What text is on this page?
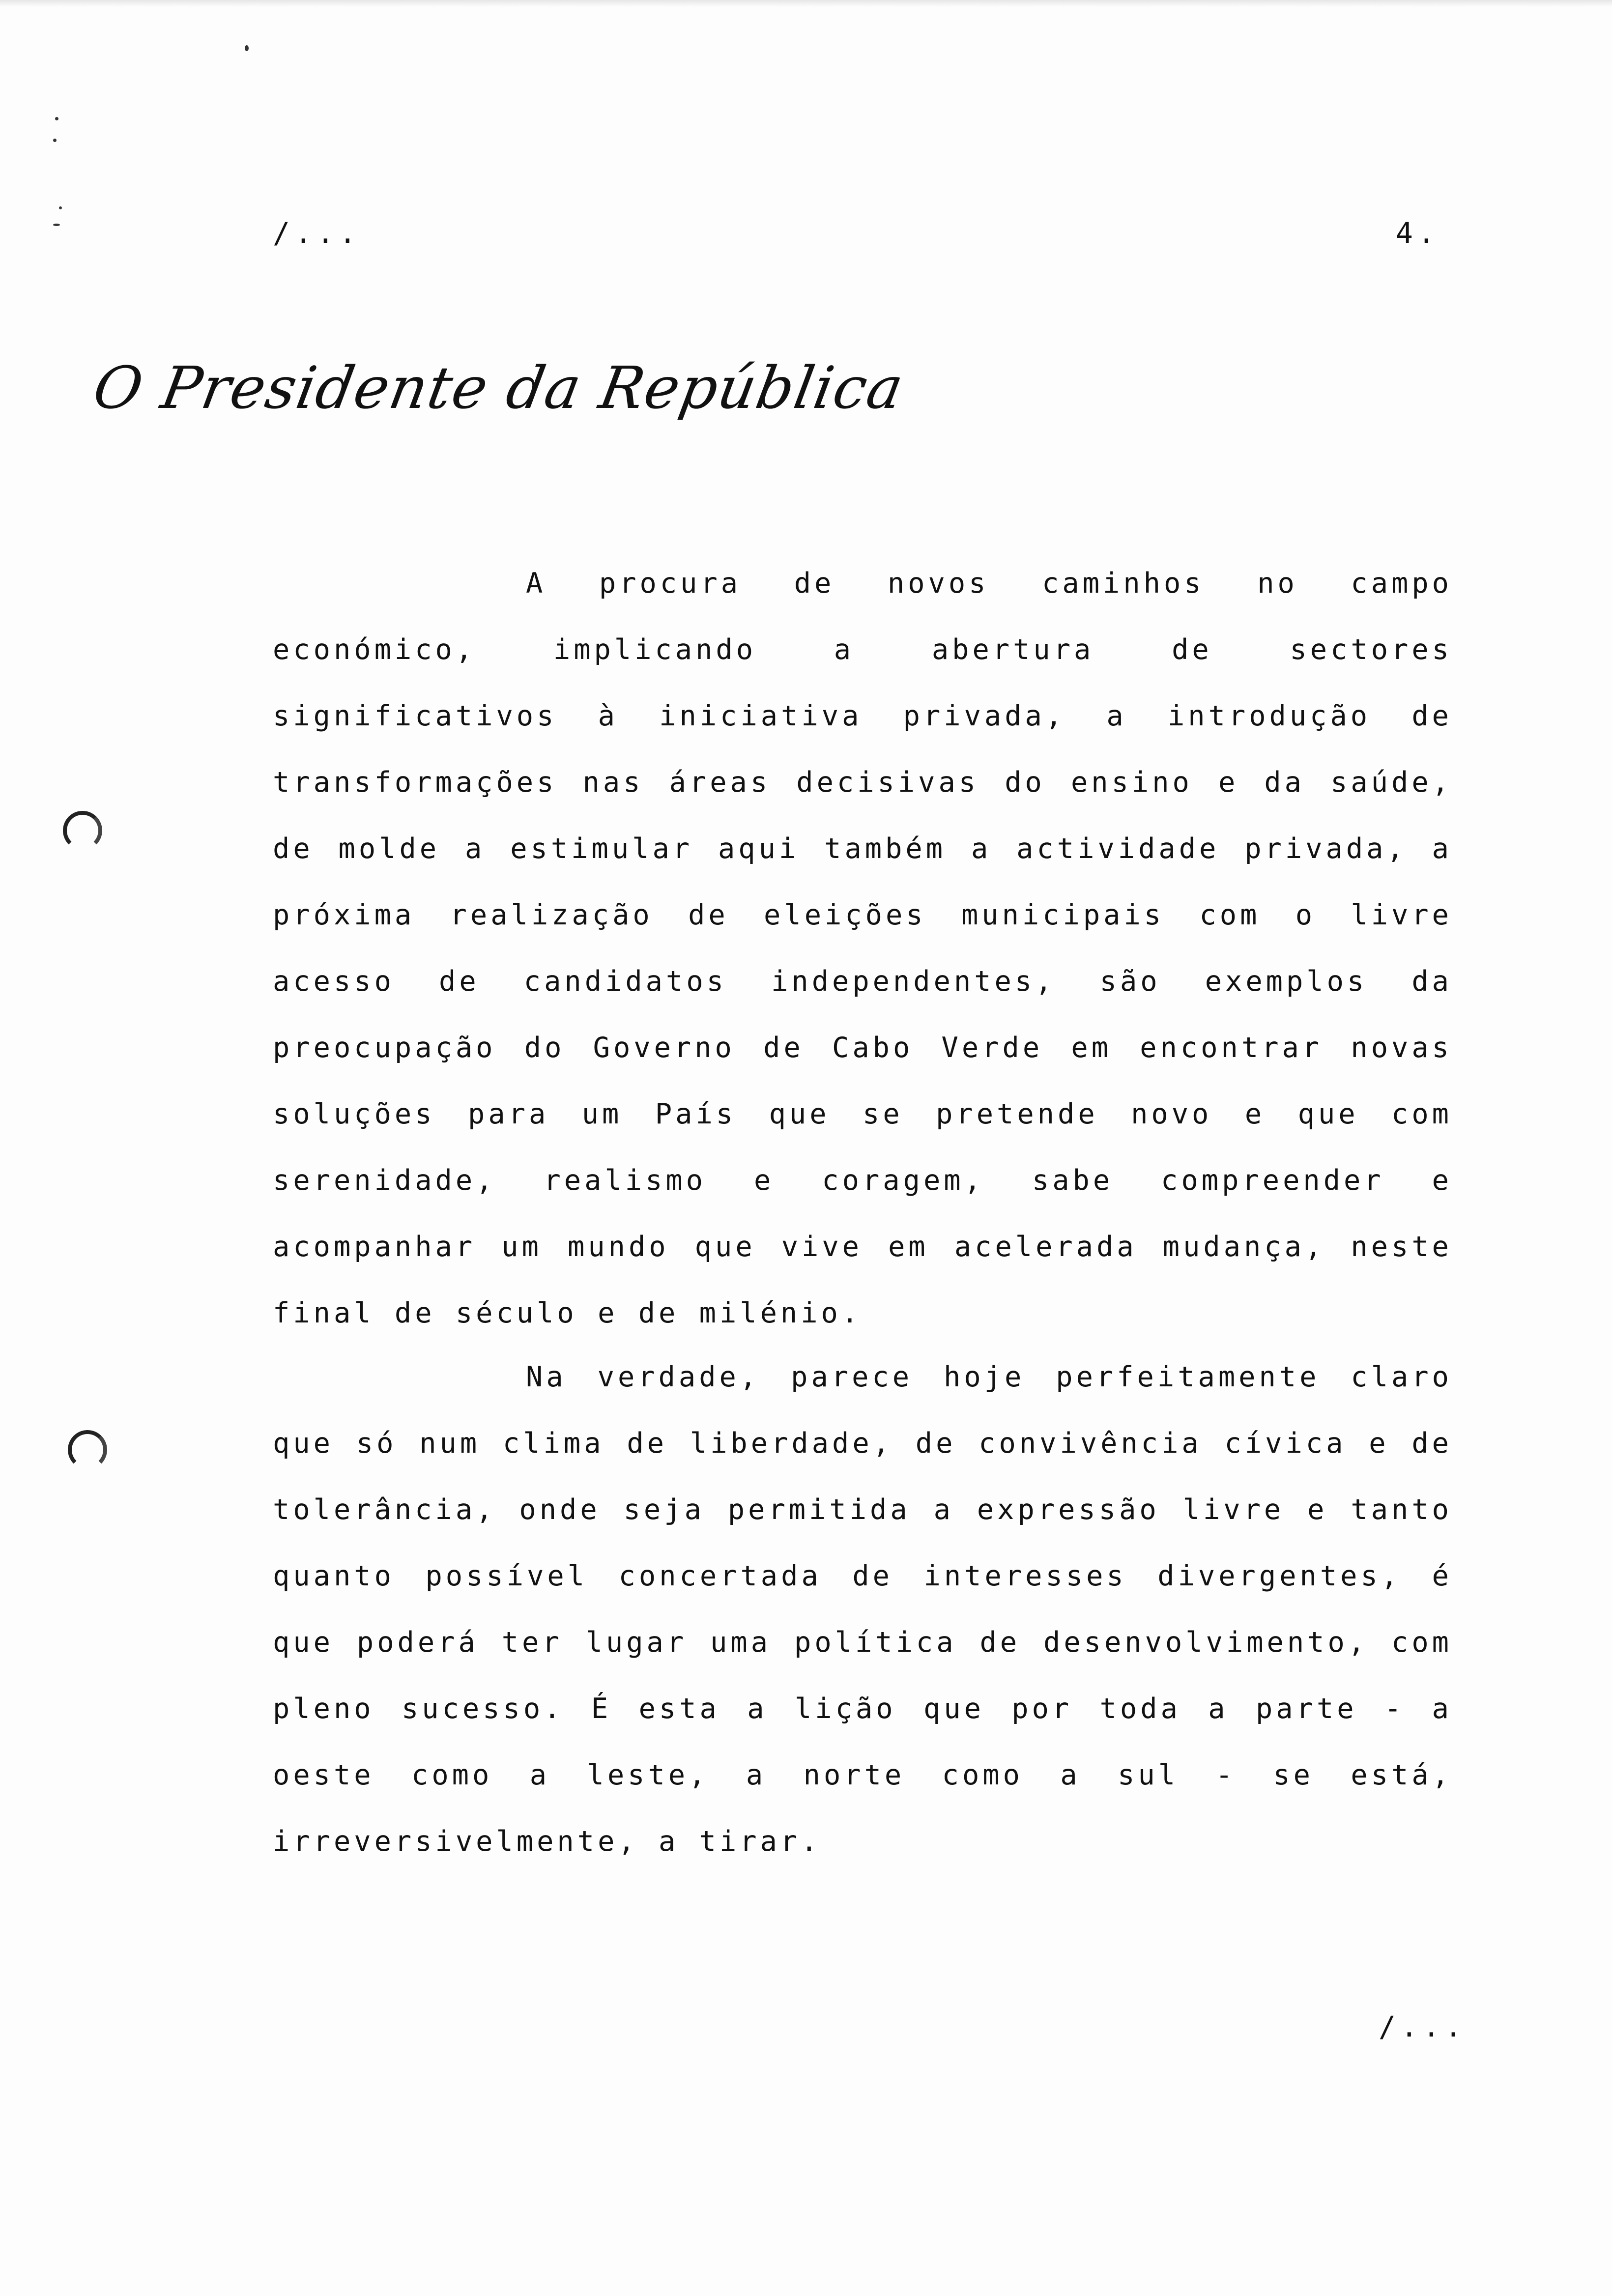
/...	4.
O Presidente da República

A procura de novos caminhos no campo económico, implicando a abertura de sectores significativos à iniciativa privada, a introdução de transformações nas áreas decisivas do ensino e da saúde, de molde a estimular aqui também a actividade privada, a próxima realização de eleições municipais com o livre acesso de candidatos independentes, são exemplos da preocupação do Governo de Cabo Verde em encontrar novas soluções para um País que se pretende novo e que com serenidade, realismo e coragem, sabe compreender e acompanhar um mundo que vive em acelerada mudança, neste final de século e de milénio.

Na verdade, parece hoje perfeitamente claro que só num clima de liberdade, de convivência cívica e de tolerância, onde seja permitida a expressão livre e tanto quanto possível concertada de interesses divergentes, é que poderá ter lugar uma política de desenvolvimento, com pleno sucesso. É esta a lição que por toda a parte - a oeste como a leste, a norte como a sul - se está, irreversivelmente, a tirar.

/...
